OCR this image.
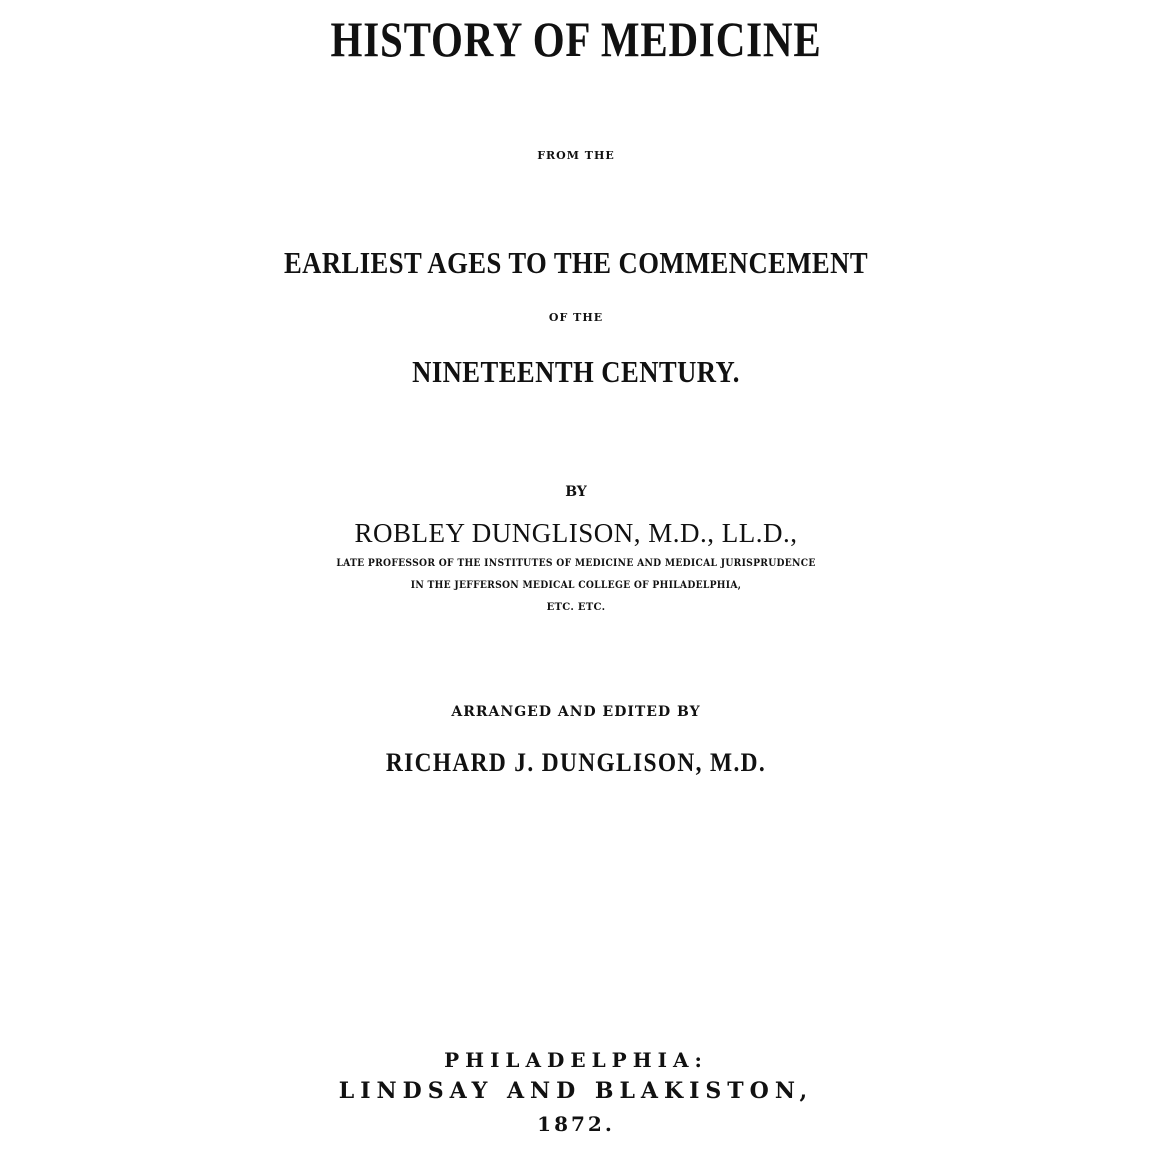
HISTORY OF MEDICINE
FROM THE
EARLIEST AGES TO THE COMMENCEMENT
OF THE
NINETEENTH CENTURY.
BY
ROBLEY DUNGLISON, M.D., LL.D.,
LATE PROFESSOR OF THE INSTITUTES OF MEDICINE AND MEDICAL JURISPRUDENCE
IN THE JEFFERSON MEDICAL COLLEGE OF PHILADELPHIA,
ETC. ETC.
ARRANGED AND EDITED BY
RICHARD J. DUNGLISON, M.D.
PHILADELPHIA:
LINDSAY AND BLAKISTON,
1872.
